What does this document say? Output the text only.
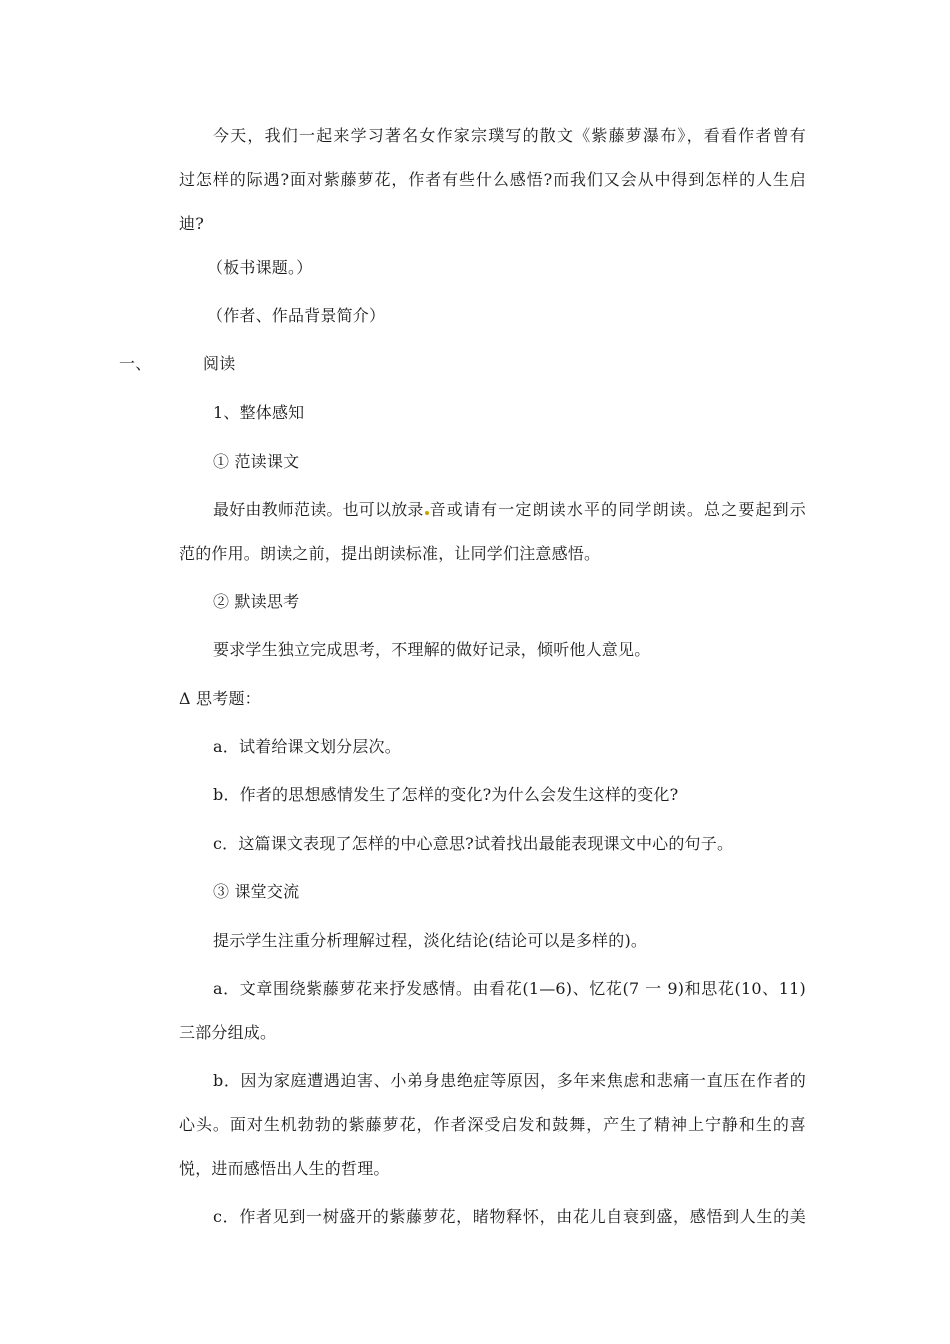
今天，我们一起来学习著名女作家宗璞写的散文《紫藤萝瀑布》，看看作者曾有
过怎样的际遇?面对紫藤萝花，作者有些什么感悟?而我们又会从中得到怎样的人生启
迪?
（板书课题。）
（作者、作品背景简介）
一、	阅读
1、整体感知
① 范读课文
最好由教师范读。也可以放录 音或请有一定朗读水平的同学朗读。总之要起到示
范的作用。朗读之前，提出朗读标准，让同学们注意感悟。
② 默读思考
要求学生独立完成思考，不理解的做好记录，倾听他人意见。
Δ 思考题：
a．试着给课文划分层次。
b．作者的思想感情发生了怎样的变化?为什么会发生这样的变化?
c．这篇课文表现了怎样的中心意思?试着找出最能表现课文中心的句子。
③ 课堂交流
提示学生注重分析理解过程，淡化结论(结论可以是多样的)。
a．文章围绕紫藤萝花来抒发感情。由看花(1—6)、忆花(7 一 9)和思花(10、11)
三部分组成。
b．因为家庭遭遇迫害、小弟身患绝症等原因，多年来焦虑和悲痛一直压在作者的
心头。面对生机勃勃的紫藤萝花，作者深受启发和鼓舞，产生了精神上宁静和生的喜
悦，进而感悟出人生的哲理。
c．作者见到一树盛开的紫藤萝花，睹物释怀，由花儿自衰到盛，感悟到人生的美
